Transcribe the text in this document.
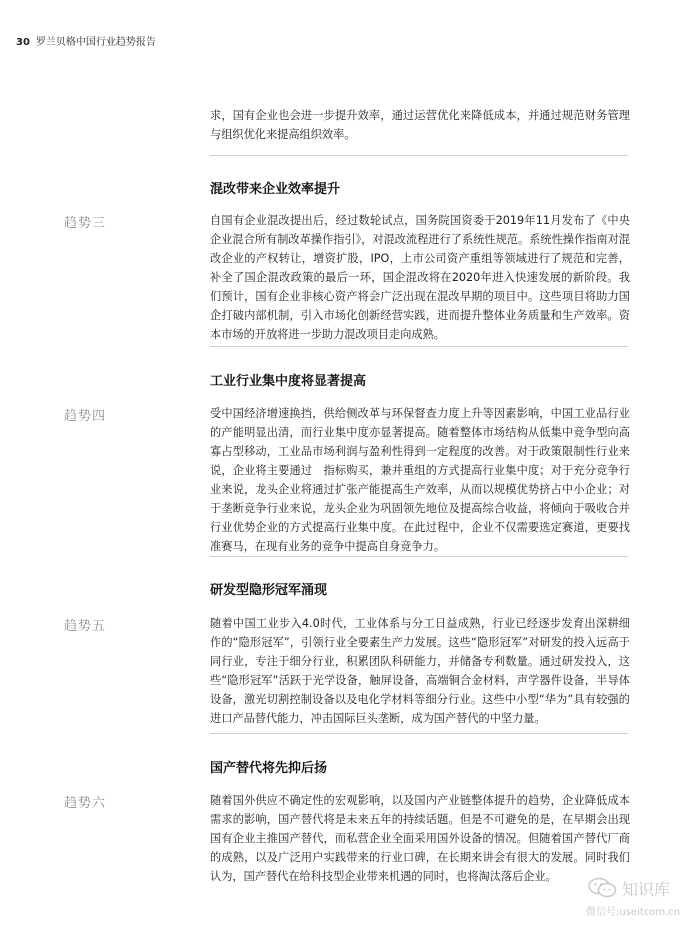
30 罗兰贝格中国行业趋势报告
求，国有企业也会进一步提升效率，通过运营优化来降低成本，并通过规范财务管理与组织优化来提高组织效率。
混改带来企业效率提升
趋势三	自国有企业混改提出后，经过数轮试点，国务院国资委于2019年11月发布了《中央企业混合所有制改革操作指引》，对混改流程进行了系统性规范。系统性操作指南对混改企业的产权转让，增资扩股，IPO，上市公司资产重组等领域进行了规范和完善，补全了国企混改政策的最后一环，国企混改将在2020年进入快速发展的新阶段。我们预计，国有企业非核心资产将会广泛出现在混改早期的项目中。这些项目将助力国企打破内部机制，引入市场化创新经营实践，进而提升整体业务质量和生产效率。资本市场的开放将进一步助力混改项目走向成熟。
工业行业集中度将显著提高
趋势四	受中国经济增速换挡，供给侧改革与环保督查力度上升等因素影响，中国工业品行业的产能明显出清，而行业集中度亦显著提高。随着整体市场结构从低集中竞争型向高寡占型移动，工业品市场利润与盈利性得到一定程度的改善。对于政策限制性行业来说，企业将主要通过　指标购买，兼并重组的方式提高行业集中度；对于充分竞争行业来说，龙头企业将通过扩张产能提高生产效率，从而以规模优势挤占中小企业；对于垄断竞争行业来说，龙头企业为巩固领先地位及提高综合收益，将倾向于吸收合并行业优势企业的方式提高行业集中度。在此过程中，企业不仅需要选定赛道，更要找准赛马，在现有业务的竞争中提高自身竞争力。
研发型隐形冠军涌现
趋势五	随着中国工业步入4.0时代，工业体系与分工日益成熟，行业已经逐步发育出深耕细作的“隐形冠军”，引领行业全要素生产力发展。这些“隐形冠军”对研发的投入远高于同行业，专注于细分行业，积累团队科研能力，并储备专利数量。通过研发投入，这些“隐形冠军”活跃于光学设备，触屏设备，高端铜合金材料，声学器件设备，半导体设备，激光切割控制设备以及电化学材料等细分行业。这些中小型“华为”具有较强的进口产品替代能力，冲击国际巨头垄断，成为国产替代的中坚力量。
国产替代将先抑后扬
趋势六	随着国外供应不确定性的宏观影响，以及国内产业链整体提升的趋势，企业降低成本需求的影响，国产替代将是未来五年的持续话题。但是不可避免的是，在早期会出现国有企业主推国产替代，而私营企业全面采用国外设备的情况。但随着国产替代厂商的成熟，以及广泛用户实践带来的行业口碑，在长期来讲会有很大的发展。同时我们认为，国产替代在给科技型企业带来机遇的同时，也将淘汰落后企业。
知识库
微信号:useitcom.cn
